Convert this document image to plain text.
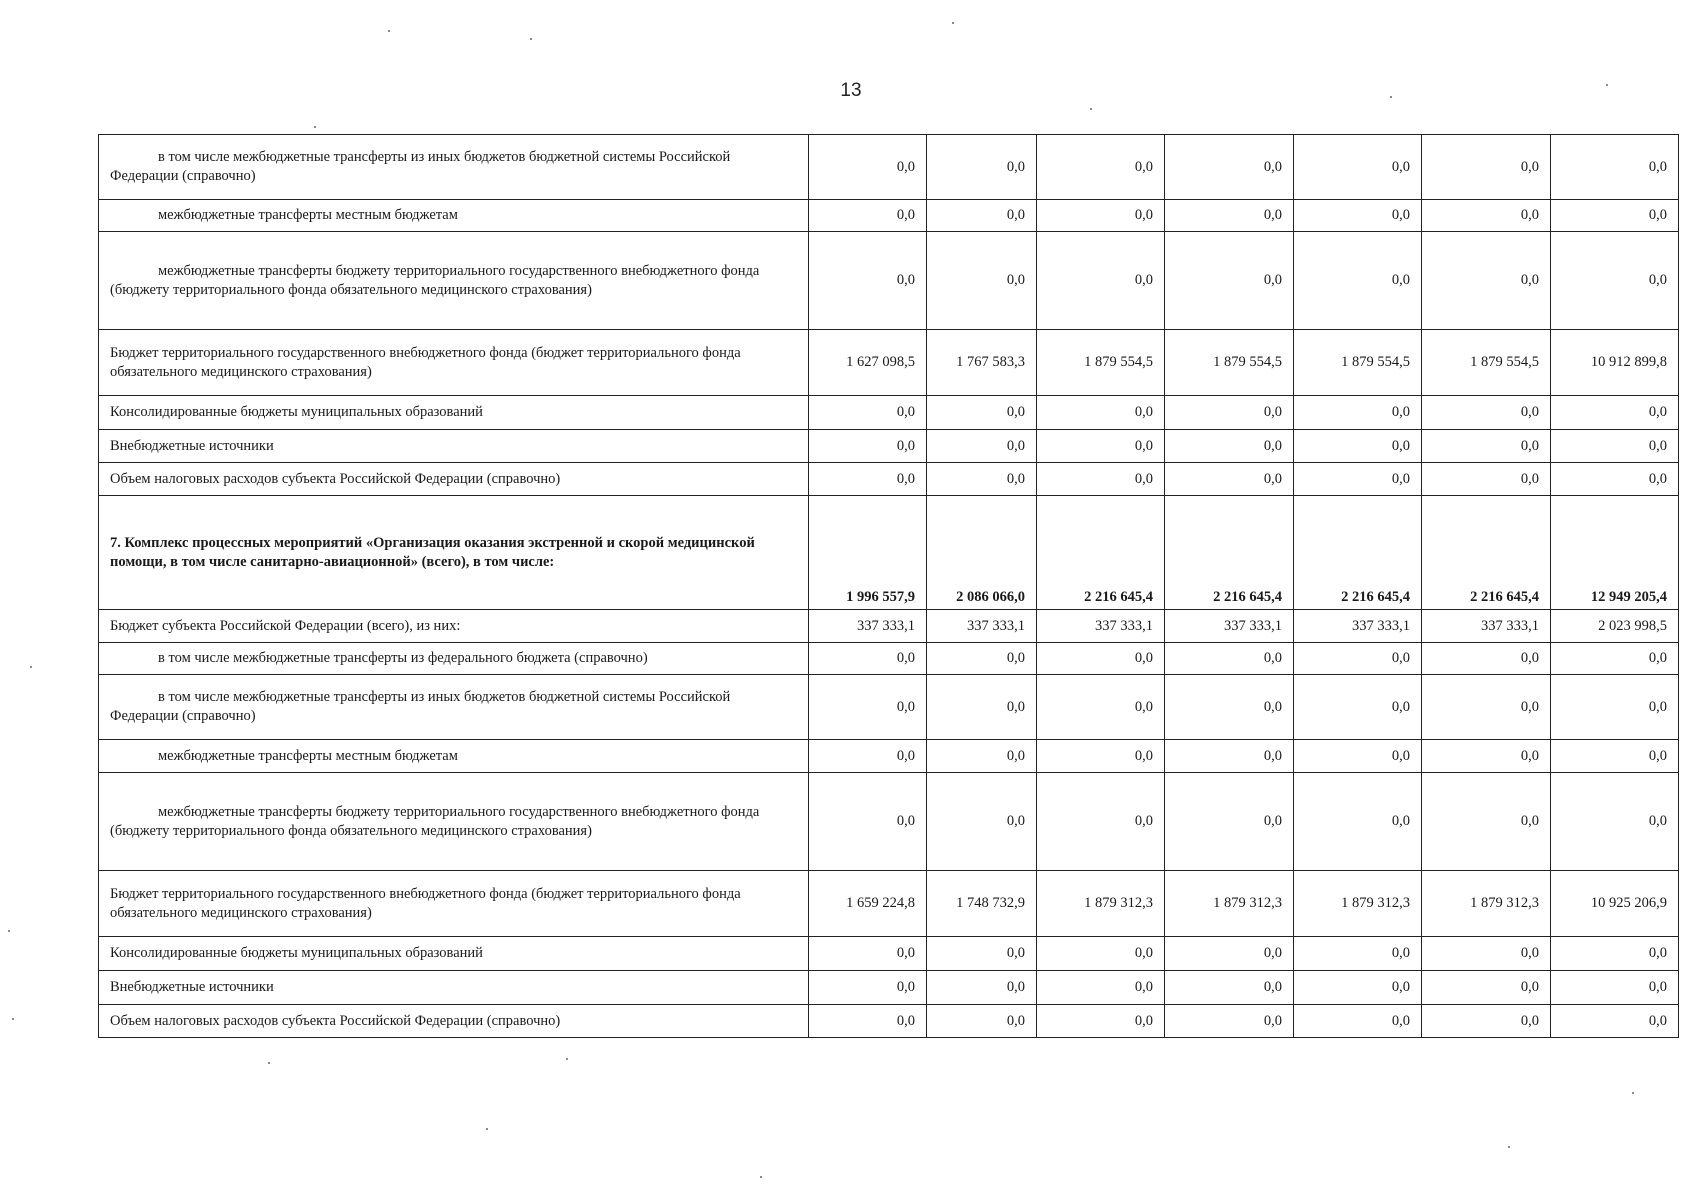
13
в том числе межбюджетные трансферты из иных бюджетов бюджетной системы Российской Федерации (справочно)	0,0	0,0	0,0	0,0	0,0	0,0	0,0

межбюджетные трансферты местным бюджетам	0,0	0,0	0,0	0,0	0,0	0,0	0,0

межбюджетные трансферты бюджету территориального государственного внебюджетного фонда (бюджету территориального фонда обязательного медицинского страхования)	0,0	0,0	0,0	0,0	0,0	0,0	0,0
Бюджет территориального государственного внебюджетного фонда (бюджет территориального фонда обязательного медицинского страхования)	1 627 098,5	1 767 583,3	1 879 554,5	1 879 554,5	1 879 554,5	1 879 554,5	10 912 899,8
Консолидированные бюджеты муниципальных образований	0,0	0,0	0,0	0,0	0,0	0,0	0,0
Внебюджетные источники	0,0	0,0	0,0	0,0	0,0	0,0	0,0
Объем налоговых расходов субъекта Российской Федерации (справочно)	0,0	0,0	0,0	0,0	0,0	0,0	0,0
7. Комплекс процессных мероприятий «Организация оказания экстренной и скорой медицинской помощи, в том числе санитарно-авиационной» (всего), в том числе:	1 996 557,9	2 086 066,0	2 216 645,4	2 216 645,4	2 216 645,4	2 216 645,4	12 949 205,4
Бюджет субъекта Российской Федерации (всего), из них:	337 333,1	337 333,1	337 333,1	337 333,1	337 333,1	337 333,1	2 023 998,5

в том числе межбюджетные трансферты из федерального бюджета (справочно)	0,0	0,0	0,0	0,0	0,0	0,0	0,0

в том числе межбюджетные трансферты из иных бюджетов бюджетной системы Российской Федерации (справочно)	0,0	0,0	0,0	0,0	0,0	0,0	0,0

межбюджетные трансферты местным бюджетам	0,0	0,0	0,0	0,0	0,0	0,0	0,0

межбюджетные трансферты бюджету территориального государственного внебюджетного фонда (бюджету территориального фонда обязательного медицинского страхования)	0,0	0,0	0,0	0,0	0,0	0,0	0,0
Бюджет территориального государственного внебюджетного фонда (бюджет территориального фонда обязательного медицинского страхования)	1 659 224,8	1 748 732,9	1 879 312,3	1 879 312,3	1 879 312,3	1 879 312,3	10 925 206,9
Консолидированные бюджеты муниципальных образований	0,0	0,0	0,0	0,0	0,0	0,0	0,0
Внебюджетные источники	0,0	0,0	0,0	0,0	0,0	0,0	0,0
Объем налоговых расходов субъекта Российской Федерации (справочно)	0,0	0,0	0,0	0,0	0,0	0,0	0,0
